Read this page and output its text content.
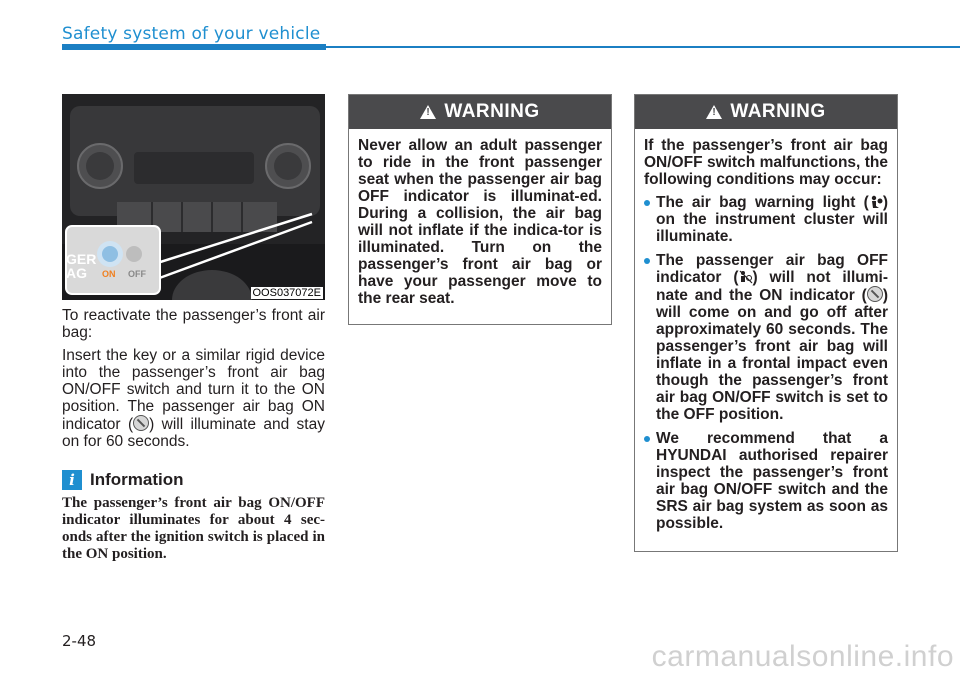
Safety system of your vehicle
GER
AG	ON OFF
OOS037072E

To reactivate the passenger’s front air bag:

Insert the key or a similar rigid device into the passenger’s front air bag ON/OFF switch and turn it to the ON position. The passenger air bag ON indicator ( ) will illuminate and stay on for 60 seconds.

i Information

The passenger’s front air bag ON/OFF indicator illuminates for about 4 sec-onds after the ignition switch is placed in the ON position.

!
WARNING

Never allow an adult passenger to ride in the front passenger seat when the passenger air bag OFF indicator is illuminat-ed. During a collision, the air bag will not inflate if the indica-tor is illuminated. Turn on the passenger’s front air bag or have your passenger move to the rear seat.

!
WARNING

If the passenger’s front air bag ON/OFF switch malfunctions, the following conditions may occur:

The air bag warning light ( ) on the instrument cluster will illuminate.
The passenger air bag OFF indicator ( ) will not illumi-nate and the ON indicator ( ) will come on and go off after approximately 60 seconds. The passenger’s front air bag will inflate in a frontal impact even though the passenger’s front air bag ON/OFF switch is set to the OFF position.
We recommend that a HYUNDAI authorised repairer inspect the passenger’s front air bag ON/OFF switch and the SRS air bag system as soon as possible.
2-48	carmanualsonline.info
